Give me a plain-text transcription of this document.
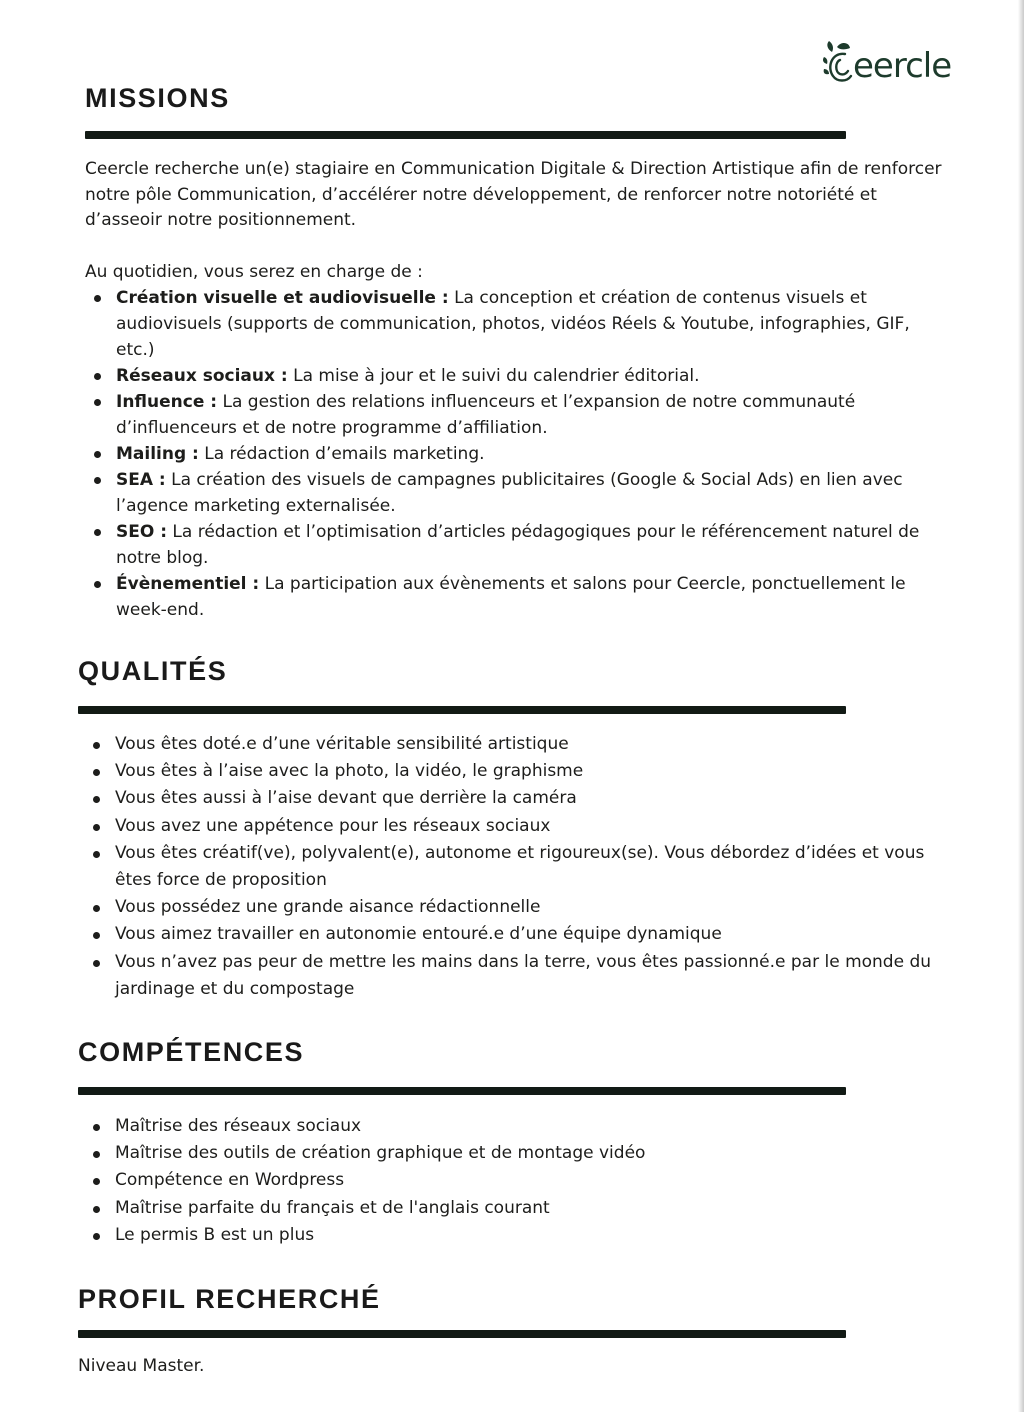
eercle
MISSIONS

Ceercle recherche un(e) stagiaire en Communication Digitale & Direction Artistique afin de renforcer notre pôle Communication, d’accélérer notre développement, de renforcer notre notoriété et d’asseoir notre positionnement.

Au quotidien, vous serez en charge de :

Création visuelle et audiovisuelle : La conception et création de contenus visuels et audiovisuels (supports de communication, photos, vidéos Réels & Youtube, infographies, GIF, etc.)
Réseaux sociaux : La mise à jour et le suivi du calendrier éditorial.
Influence : La gestion des relations influenceurs et l’expansion de notre communauté d’influenceurs et de notre programme d’affiliation.
Mailing : La rédaction d’emails marketing.
SEA : La création des visuels de campagnes publicitaires (Google & Social Ads) en lien avec l’agence marketing externalisée.
SEO : La rédaction et l’optimisation d’articles pédagogiques pour le référencement naturel de notre blog.
Évènementiel : La participation aux évènements et salons pour Ceercle, ponctuellement le week-end.
QUALITÉS
Vous êtes doté.e d’une véritable sensibilité artistique
Vous êtes à l’aise avec la photo, la vidéo, le graphisme
Vous êtes aussi à l’aise devant que derrière la caméra
Vous avez une appétence pour les réseaux sociaux
Vous êtes créatif(ve), polyvalent(e), autonome et rigoureux(se). Vous débordez d’idées et vous êtes force de proposition
Vous possédez une grande aisance rédactionnelle
Vous aimez travailler en autonomie entouré.e d’une équipe dynamique
Vous n’avez pas peur de mettre les mains dans la terre, vous êtes passionné.e par le monde du jardinage et du compostage
COMPÉTENCES
Maîtrise des réseaux sociaux
Maîtrise des outils de création graphique et de montage vidéo
Compétence en Wordpress
Maîtrise parfaite du français et de l'anglais courant
Le permis B est un plus
PROFIL RECHERCHÉ

Niveau Master.
